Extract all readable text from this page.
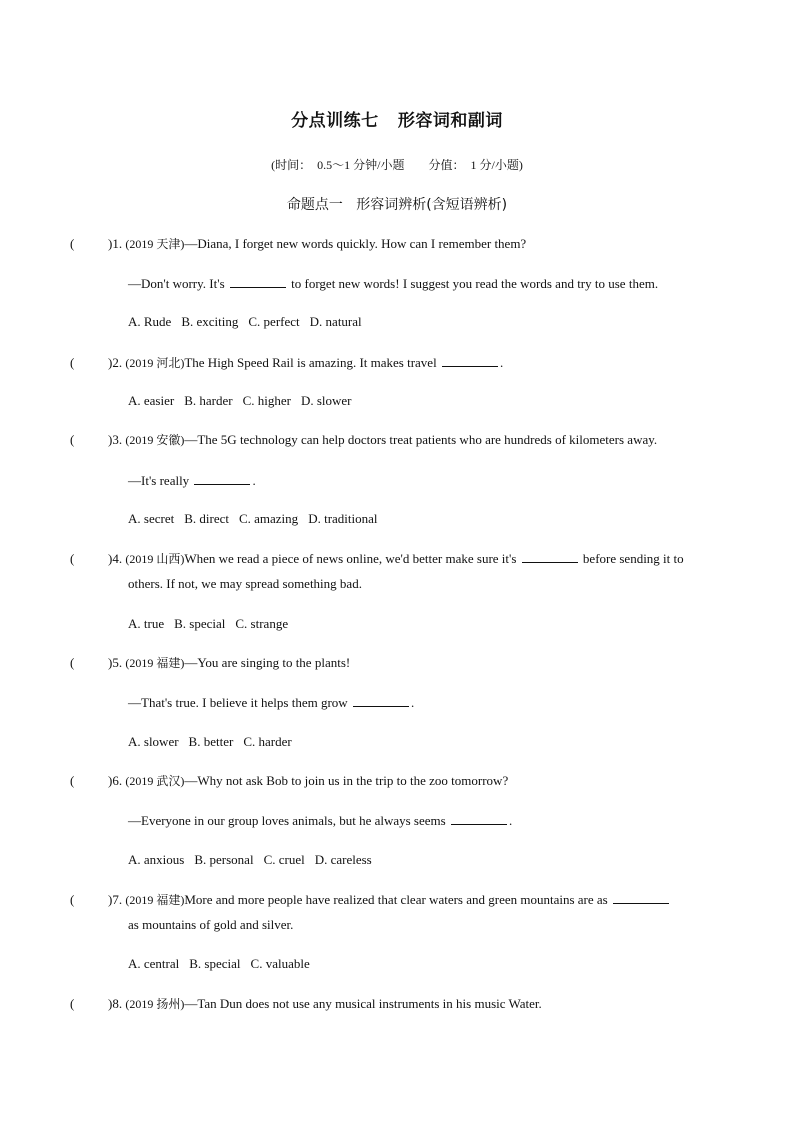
分点训练七   形容词和副词
(时间：  0.5～1 分钟/小题        分值：  1 分/小题)
命题点一   形容词辨析(含短语辨析)
(	)1. (2019 天津)—Diana, I forget new words quickly. How can I remember them?
—Don't worry. It's	to forget new words! I suggest you read the words and try to use them.
A. Rude B. exciting C. perfect D. natural
(	)2. (2019 河北)The High Speed Rail is amazing. It makes travel	.
A. easier B. harder C. higher D. slower
(	)3. (2019 安徽)—The 5G technology can help doctors treat patients who are hundreds of kilometers away.
—It's really	.
A. secret B. direct C. amazing D. traditional
(	)4. (2019 山西)When we read a piece of news online, we'd better make sure it's	before sending it to
others. If not, we may spread something bad.
A. true B. special C. strange
(	)5. (2019 福建)—You are singing to the plants!
—That's true. I believe it helps them grow	.
A. slower B. better C. harder
(	)6. (2019 武汉)—Why not ask Bob to join us in the trip to the zoo tomorrow?
—Everyone in our group loves animals, but he always seems	.
A. anxious B. personal C. cruel D. careless
(	)7. (2019 福建)More and more people have realized that clear waters and green mountains are as
as mountains of gold and silver.
A. central B. special C. valuable
(	)8. (2019 扬州)—Tan Dun does not use any musical instruments in his music Water.
